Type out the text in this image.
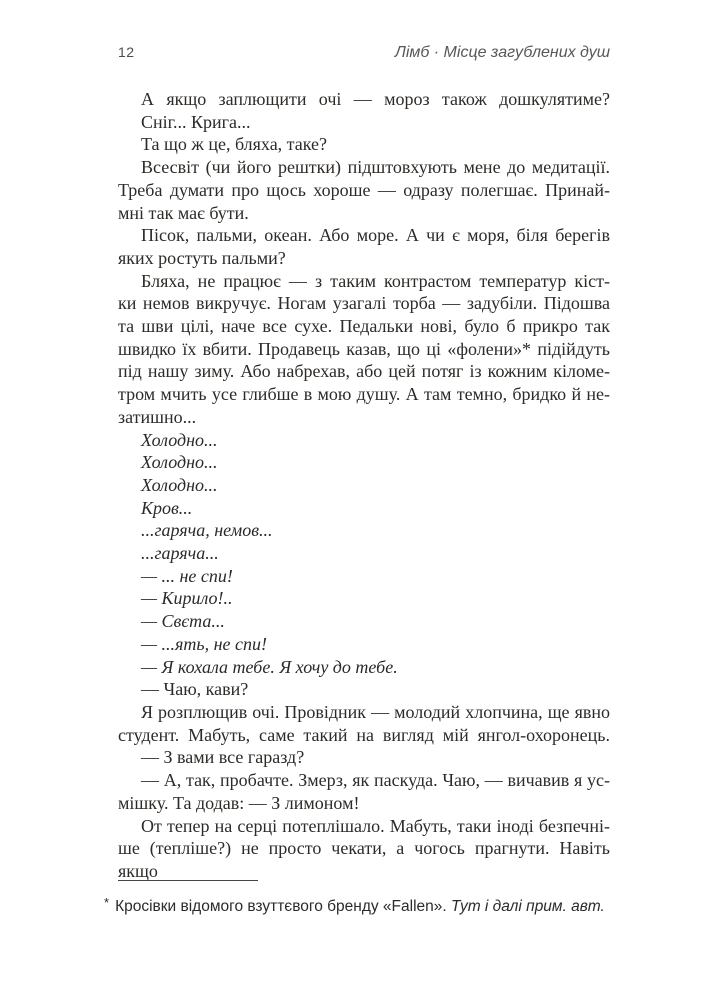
12	Лімб · Місце загублених душ
А якщо заплющити очі — мороз також дошкулятиме?
Сніг... Крига...
Та що ж це, бляха, таке?
Всесвіт (чи його рештки) підштовхують мене до медитації.
Треба думати про щось хороше — одразу полегшає. Принай-
мні так має бути.
Пісок, пальми, океан. Або море. А чи є моря, біля берегів
яких ростуть пальми?
Бляха, не працює — з таким контрастом температур кіст-
ки немов викручує. Ногам узагалі торба — задубіли. Підошва
та шви цілі, наче все сухе. Педальки нові, було б прикро так
швидко їх вбити. Продавець казав, що ці «фолени»* підійдуть
під нашу зиму. Або набрехав, або цей потяг із кожним кіломе-
тром мчить усе глибше в мою душу. А там темно, бридко й не-
затишно...
Холодно...
Холодно...
Холодно...
Кров...
...гаряча, немов...
...гаряча...
— ... не спи!
— Кирило!..
— Свєта...
— ...ять, не спи!
— Я кохала тебе. Я хочу до тебе.
— Чаю, кави?
Я розплющив очі. Провідник — молодий хлопчина, ще явно
студент. Мабуть, саме такий на вигляд мій янгол-охоронець.
— З вами все гаразд?
— А, так, пробачте. Змерз, як паскуда. Чаю, — вичавив я ус-
мішку. Та додав: — З лимоном!
От тепер на серці потеплішало. Мабуть, таки іноді безпечні-
ше (тепліше?) не просто чекати, а чогось прагнути. Навіть якщо
* Кросівки відомого взуттєвого бренду «Fallen». Тут і далі прим. авт.
